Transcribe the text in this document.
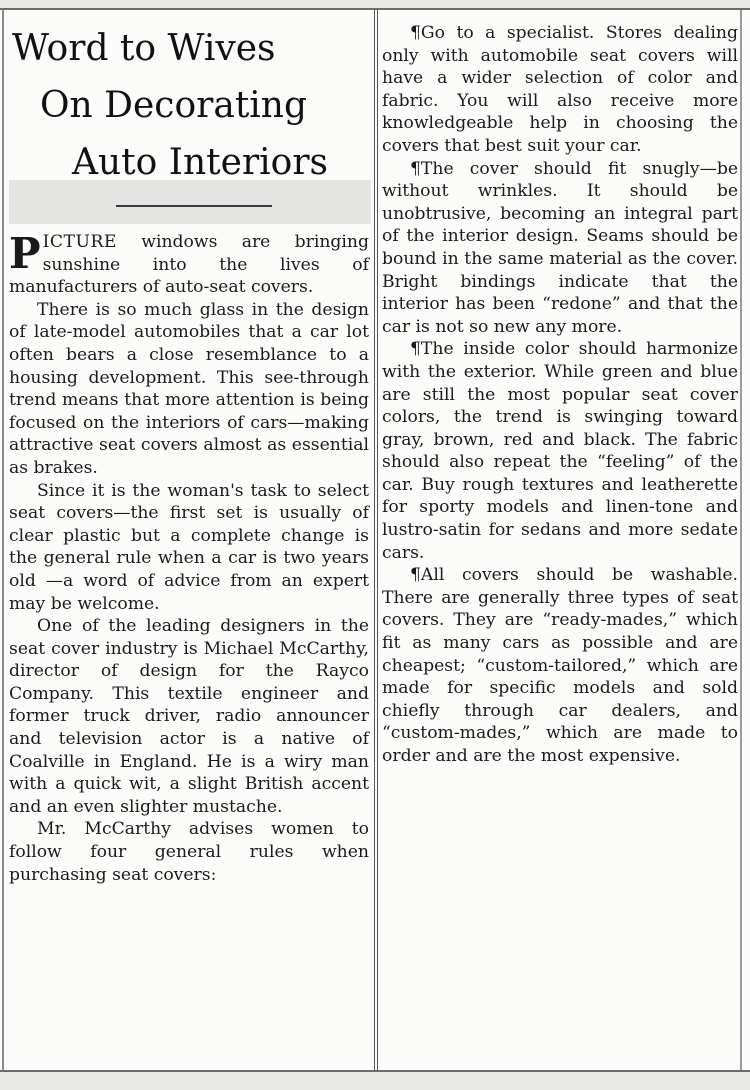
Word to Wives
On Decorating
Auto Interiors

PICTURE windows are bringing sunshine into the lives of manufacturers of auto-seat covers.

There is so much glass in the design of late-model automobiles that a car lot often bears a close resemblance to a housing development. This see-through trend means that more attention is being focused on the interiors of cars—making attractive seat covers almost as essential as brakes.

Since it is the woman's task to select seat covers—the first set is usually of clear plastic but a complete change is the general rule when a car is two years old —a word of advice from an expert may be welcome.

One of the leading designers in the seat cover industry is Michael McCarthy, director of design for the Rayco Company. This textile engineer and former truck driver, radio announcer and television actor is a native of Coalville in England. He is a wiry man with a quick wit, a slight British accent and an even slighter mustache.

Mr. McCarthy advises women to follow four general rules when purchasing seat covers:

¶Go to a specialist. Stores dealing only with automobile seat covers will have a wider selection of color and fabric. You will also receive more knowledgeable help in choosing the covers that best suit your car.

¶The cover should fit snugly—be without wrinkles. It should be unobtrusive, becoming an integral part of the interior design. Seams should be bound in the same material as the cover. Bright bindings indicate that the interior has been “redone” and that the car is not so new any more.

¶The inside color should harmonize with the exterior. While green and blue are still the most popular seat cover colors, the trend is swinging toward gray, brown, red and black. The fabric should also repeat the “feeling” of the car. Buy rough textures and leatherette for sporty models and linen-tone and lustro-satin for sedans and more sedate cars.

¶All covers should be washable. There are generally three types of seat covers. They are “ready-mades,” which fit as many cars as possible and are cheapest; “custom-tailored,” which are made for specific models and sold chiefly through car dealers, and “custom-mades,” which are made to order and are the most expensive.
